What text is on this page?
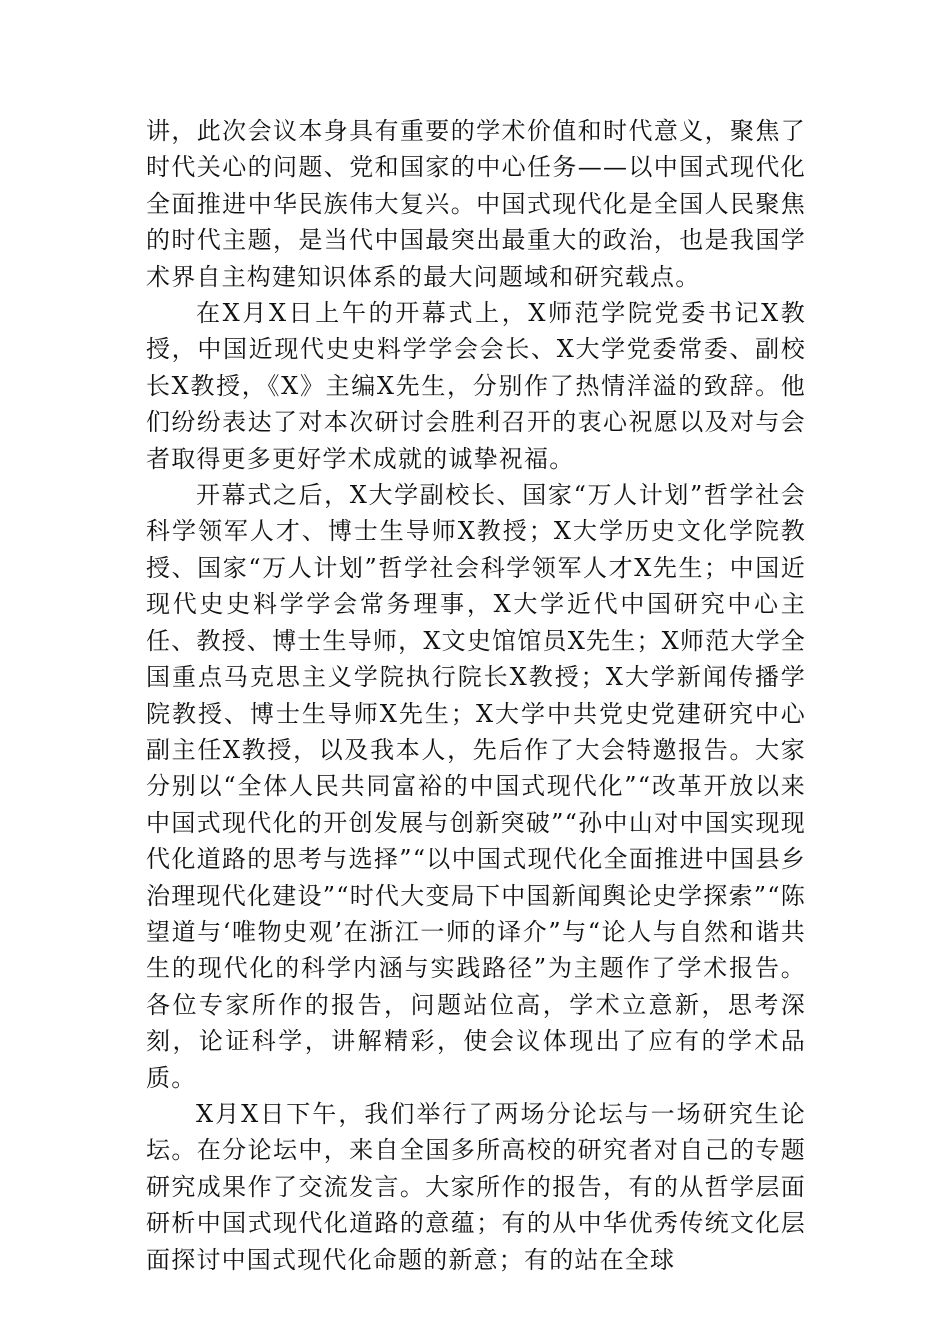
讲，此次会议本身具有重要的学术价值和时代意义，聚焦了时代关心的问题、党和国家的中心任务——以中国式现代化全面推进中华民族伟大复兴。中国式现代化是全国人民聚焦的时代主题，是当代中国最突出最重大的政治，也是我国学术界自主构建知识体系的最大问题域和研究载点。

在X月X日上午的开幕式上，X师范学院党委书记X教授，中国近现代史史料学学会会长、X大学党委常委、副校长X教授，《X》主编X先生，分别作了热情洋溢的致辞。他们纷纷表达了对本次研讨会胜利召开的衷心祝愿以及对与会者取得更多更好学术成就的诚挚祝福。

开幕式之后，X大学副校长、国家“万人计划”哲学社会科学领军人才、博士生导师X教授；X大学历史文化学院教授、国家“万人计划”哲学社会科学领军人才X先生；中国近现代史史料学学会常务理事，X大学近代中国研究中心主任、教授、博士生导师，X文史馆馆员X先生；X师范大学全国重点马克思主义学院执行院长X教授；X大学新闻传播学院教授、博士生导师X先生；X大学中共党史党建研究中心副主任X教授，以及我本人，先后作了大会特邀报告。大家分别以“全体人民共同富裕的中国式现代化”“改革开放以来中国式现代化的开创发展与创新突破”“孙中山对中国实现现代化道路的思考与选择”“以中国式现代化全面推进中国县乡治理现代化建设”“时代大变局下中国新闻舆论史学探索”“陈望道与‘唯物史观’在浙江一师的译介”与“论人与自然和谐共生的现代化的科学内涵与实践路径”为主题作了学术报告。各位专家所作的报告，问题站位高，学术立意新，思考深刻，论证科学，讲解精彩，使会议体现出了应有的学术品质。

X月X日下午，我们举行了两场分论坛与一场研究生论坛。在分论坛中，来自全国多所高校的研究者对自己的专题研究成果作了交流发言。大家所作的报告，有的从哲学层面研析中国式现代化道路的意蕴；有的从中华优秀传统文化层面探讨中国式现代化命题的新意；有的站在全球
